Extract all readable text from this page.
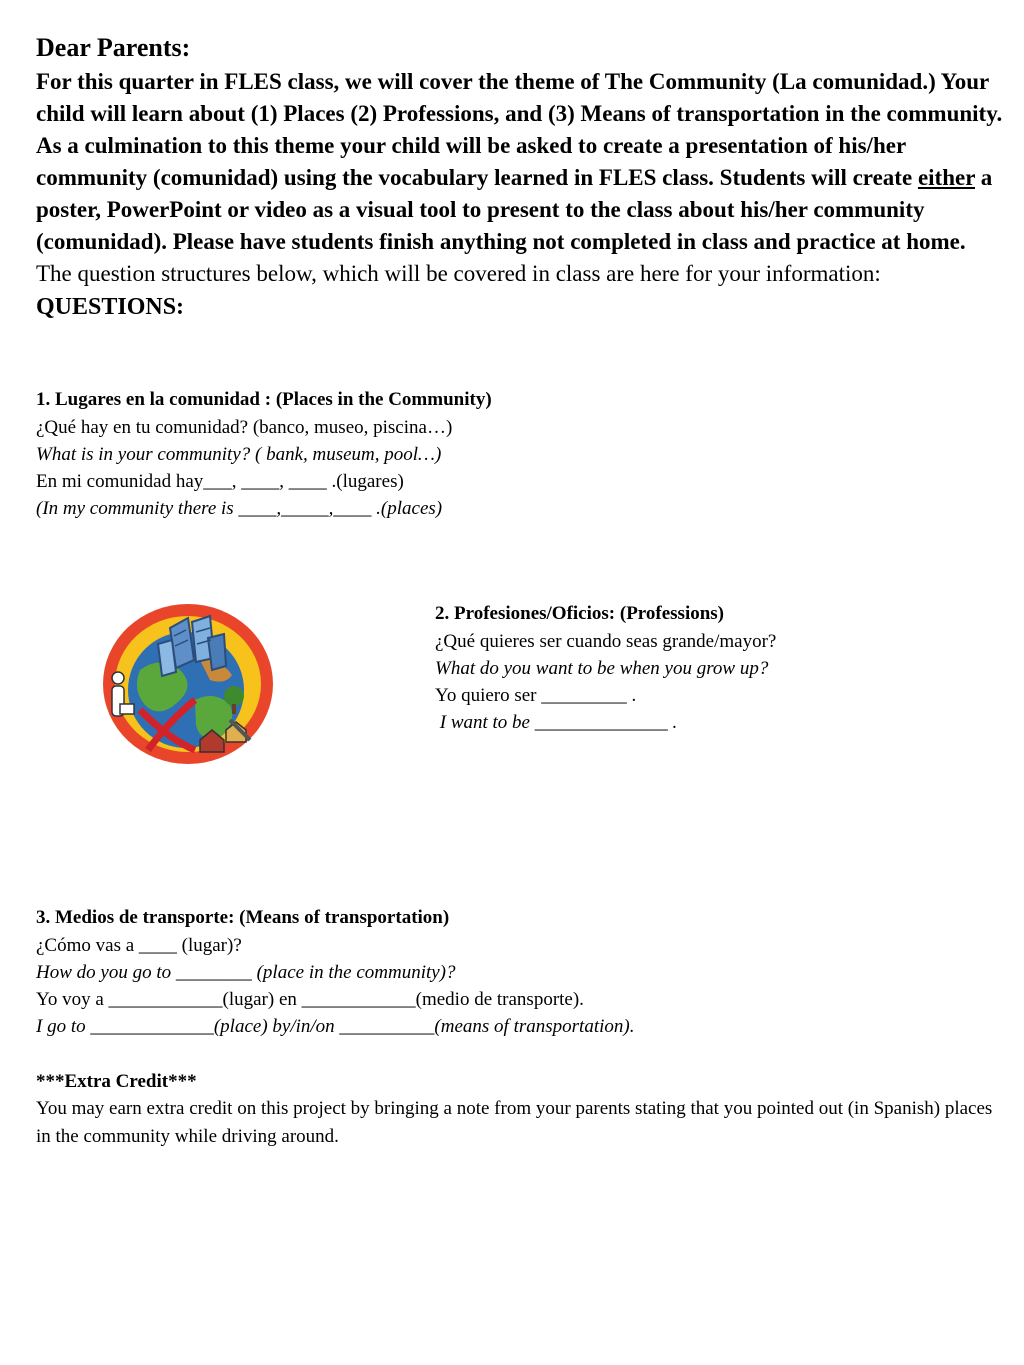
Dear Parents:

For this quarter in FLES class, we will cover the theme of The Community (La comunidad.) Your child will learn about (1) Places (2) Professions, and (3) Means of transportation in the community. As a culmination to this theme your child will be asked to create a presentation of his/her community (comunidad) using the vocabulary learned in FLES class. Students will create either a poster, PowerPoint or video as a visual tool to present to the class about his/her community (comunidad). Please have students finish anything not completed in class and practice at home.

The question structures below, which will be covered in class are here for your information:

QUESTIONS:

1. Lugares en la comunidad : (Places in the Community)

¿Qué hay en tu comunidad? (banco, museo, piscina…)

What is in your community? ( bank, museum, pool…)

En mi comunidad hay___, ____, ____ .(lugares)

(In my community there is ____,_____,____ .(places)

2. Profesiones/Oficios: (Professions)

¿Qué quieres ser cuando seas grande/mayor?

What do you want to be when you grow up?

Yo quiero ser _________ .

I want to be ______________ .

3. Medios de transporte: (Means of transportation)

¿Cómo vas a ____ (lugar)?

How do you go to ________ (place in the community)?

Yo voy a ____________(lugar) en ____________(medio de transporte).

I go to _____________(place) by/in/on __________(means of transportation).

***Extra Credit***

You may earn extra credit on this project by bringing a note from your parents stating that you pointed out (in Spanish) places in the community while driving around.
